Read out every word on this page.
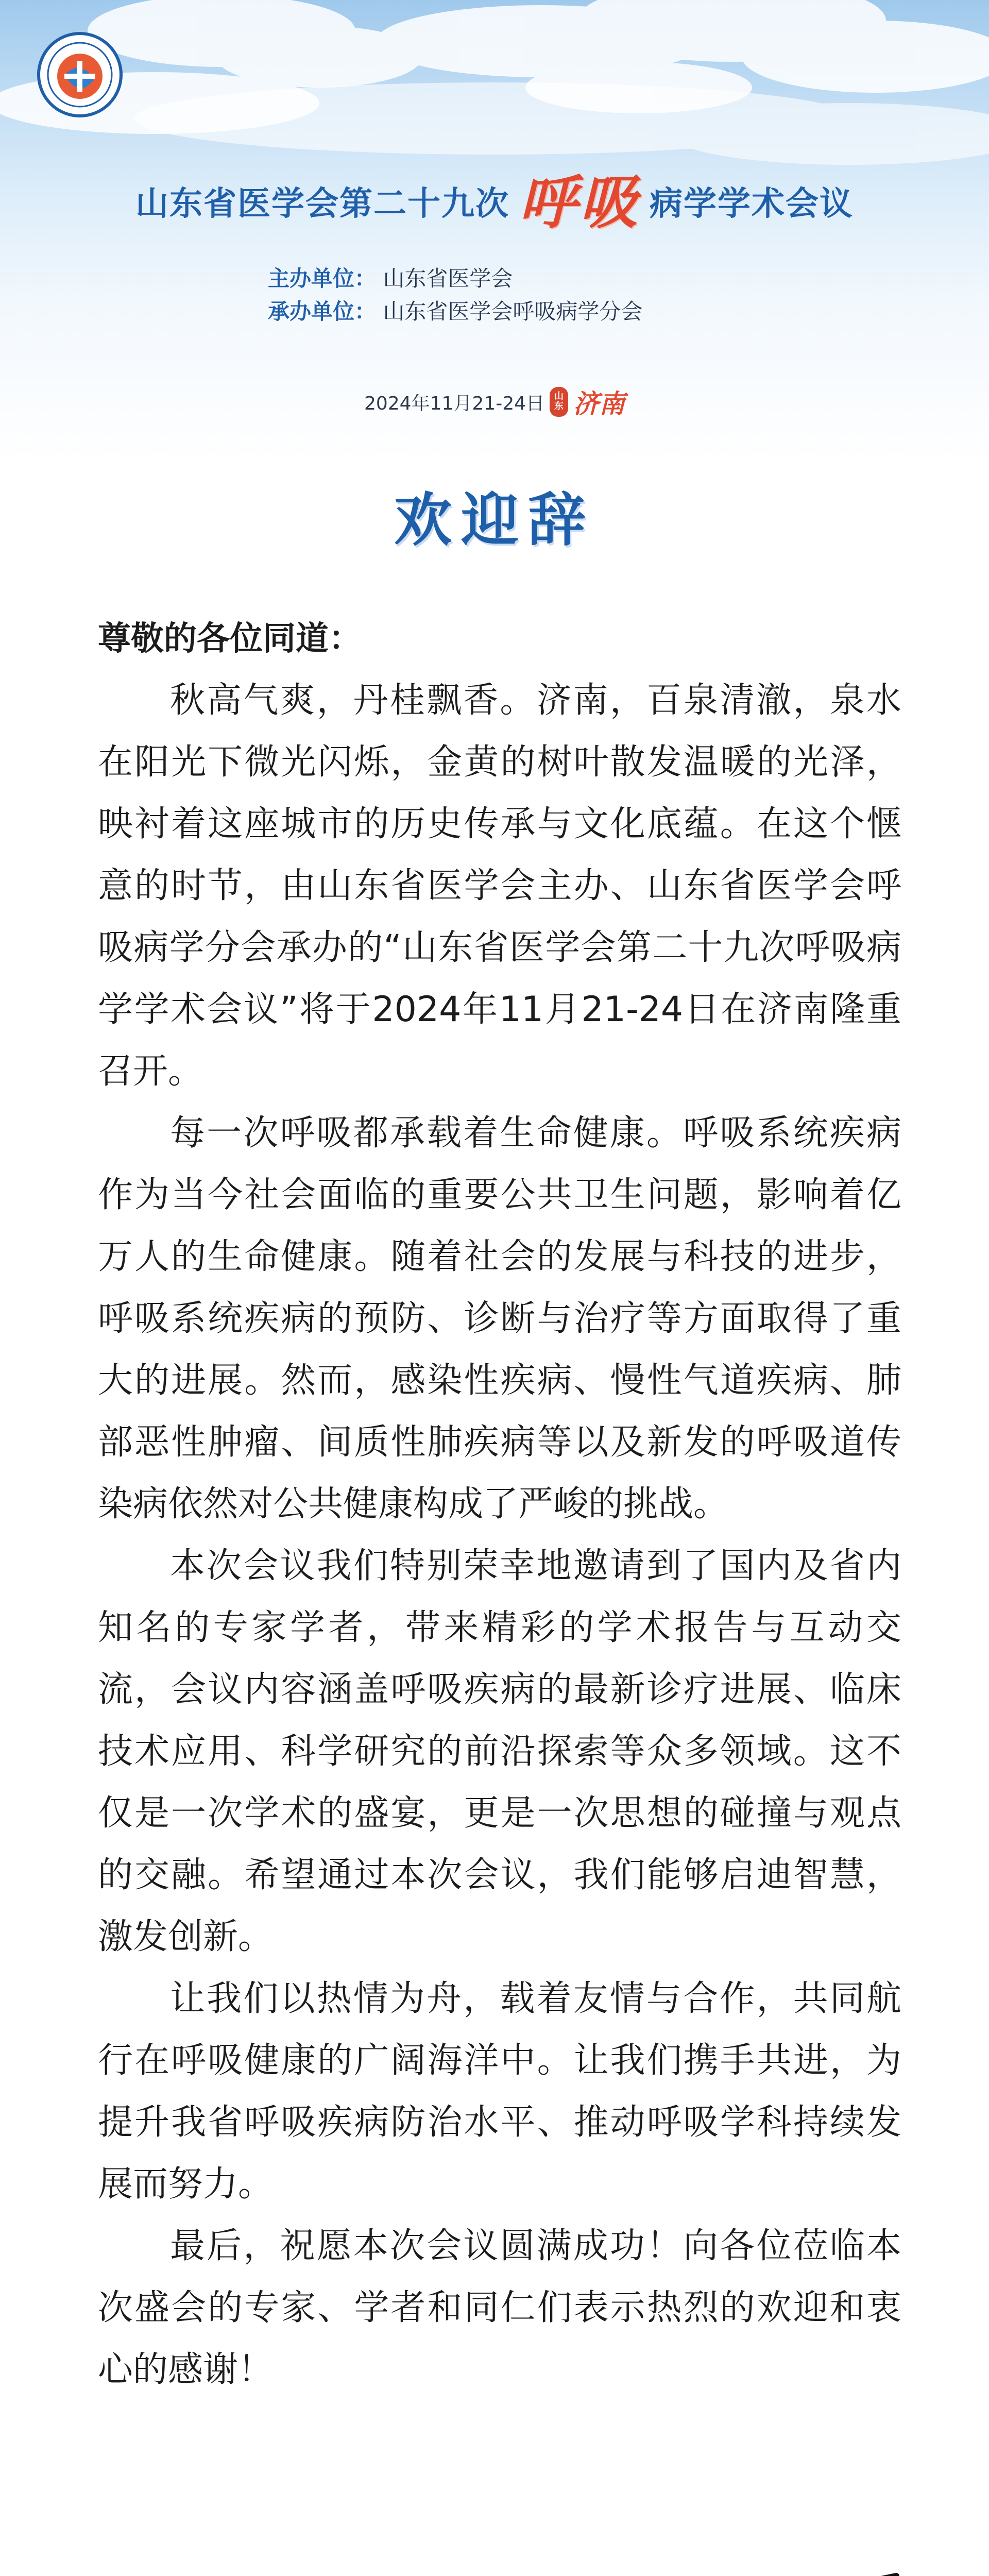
山东省医学会第二十九次 呼吸 病学学术会议
主办单位： 山东省医学会
承办单位： 山东省医学会呼吸病学分会
2024年11月21-24日 山
东 济南
欢迎辞

尊敬的各位同道：

秋高气爽，丹桂飘香。济南，百泉清澈，泉水在阳光下微光闪烁，金黄的树叶散发温暖的光泽，映衬着这座城市的历史传承与文化底蕴。在这个惬意的时节，由山东省医学会主办、山东省医学会呼吸病学分会承办的“山东省医学会第二十九次呼吸病学学术会议”将于2024年11月21-24日在济南隆重召开。

每一次呼吸都承载着生命健康。呼吸系统疾病作为当今社会面临的重要公共卫生问题，影响着亿万人的生命健康。随着社会的发展与科技的进步，呼吸系统疾病的预防、诊断与治疗等方面取得了重大的进展。然而，感染性疾病、慢性气道疾病、肺部恶性肿瘤、间质性肺疾病等以及新发的呼吸道传染病依然对公共健康构成了严峻的挑战。

本次会议我们特别荣幸地邀请到了国内及省内知名的专家学者，带来精彩的学术报告与互动交流，会议内容涵盖呼吸疾病的最新诊疗进展、临床技术应用、科学研究的前沿探索等众多领域。这不仅是一次学术的盛宴，更是一次思想的碰撞与观点的交融。希望通过本次会议，我们能够启迪智慧，激发创新。

让我们以热情为舟，载着友情与合作，共同航行在呼吸健康的广阔海洋中。让我们携手共进，为提升我省呼吸疾病防治水平、推动呼吸学科持续发展而努力。

最后，祝愿本次会议圆满成功！向各位莅临本次盛会的专家、学者和同仁们表示热烈的欢迎和衷心的感谢！
